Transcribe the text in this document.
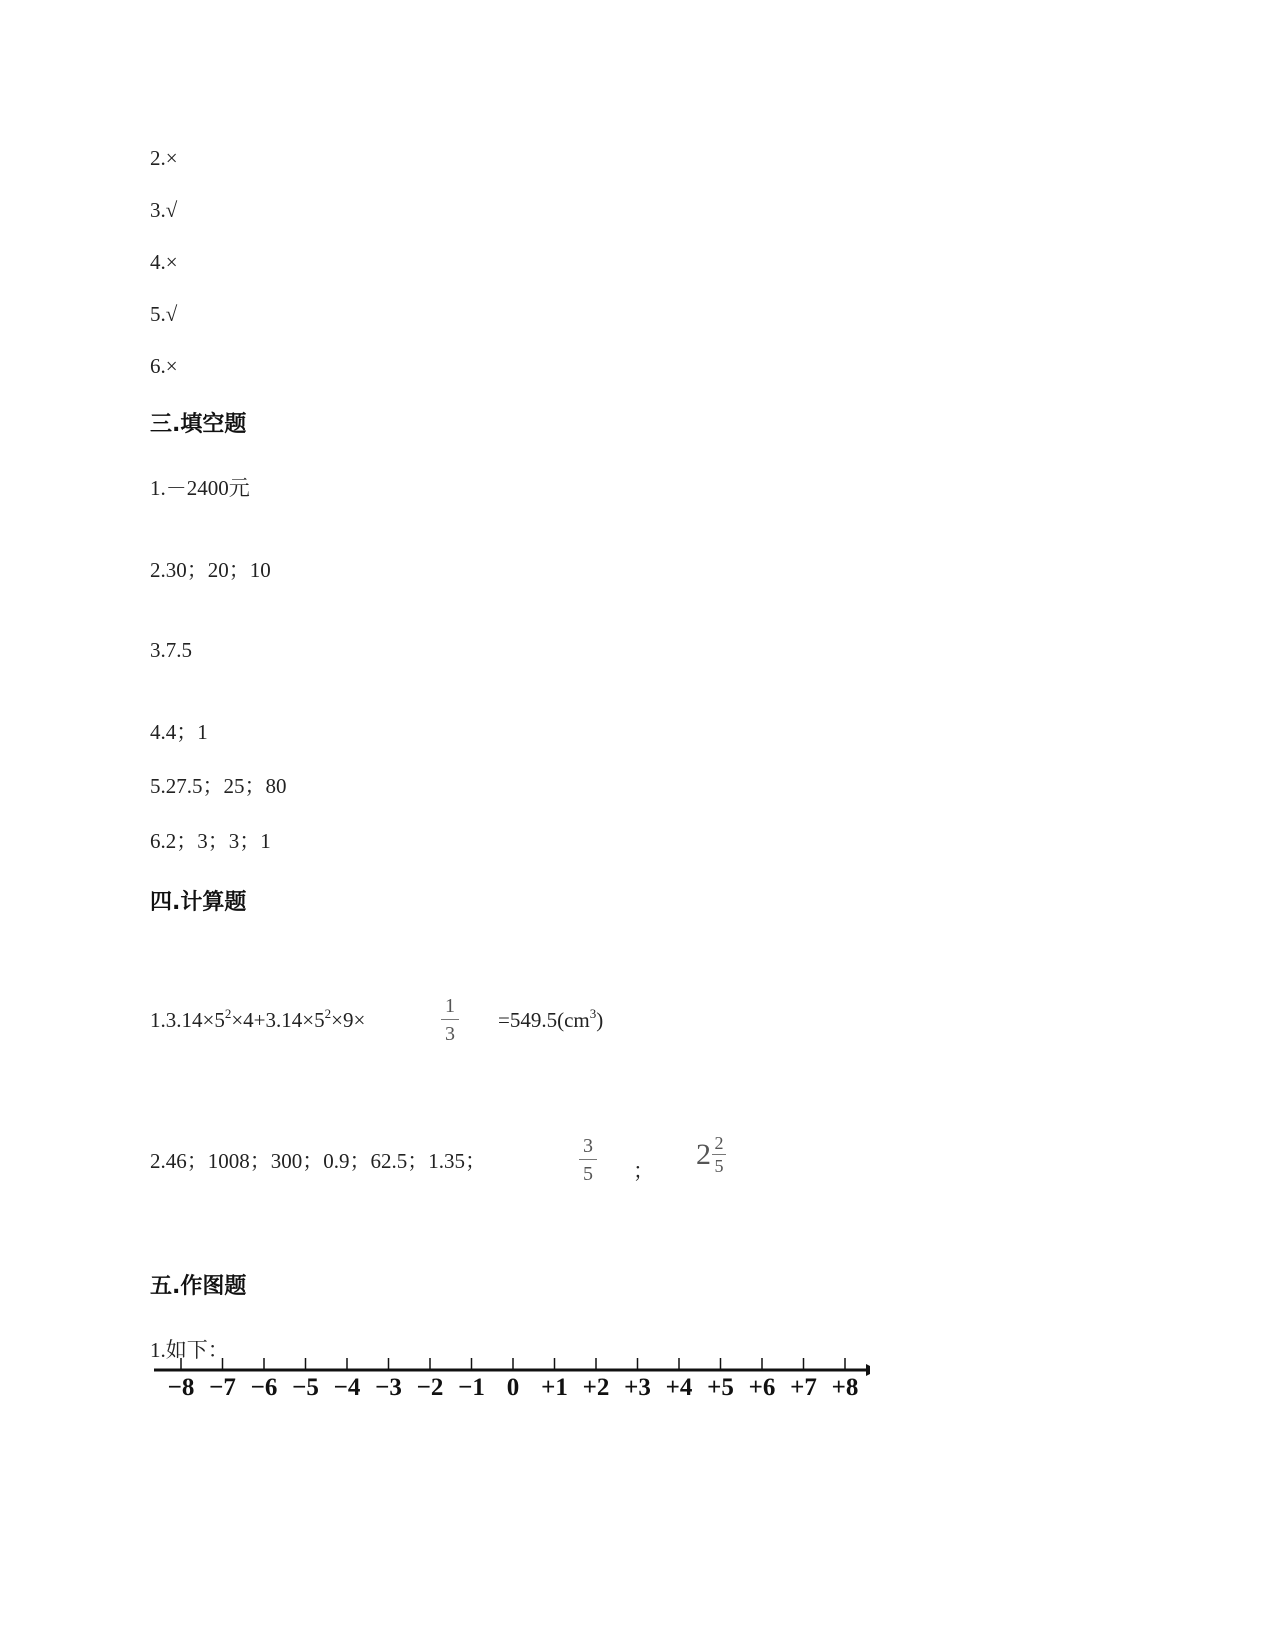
2.×
3.√
4.×
5.√
6.×
三.填空题
1.－2400元
2.30；20；10
3.7.5
4.4；1
5.27.5；25；80
6.2；3；3；1
四.计算题
$1.3.14\times 5^2\times 4+3.14\times 5^2\times 9\times$
1
3
$=549.5(cm^3)$
2.46；1008；300；0.9；62.5；1.35；
3
5 ；
2 2
5
五.作图题
1.如下：
−8 −7 −6 −5 −4 −3 −2 −1 0 +1 +2 +3 +4 +5 +6 +7 +8
